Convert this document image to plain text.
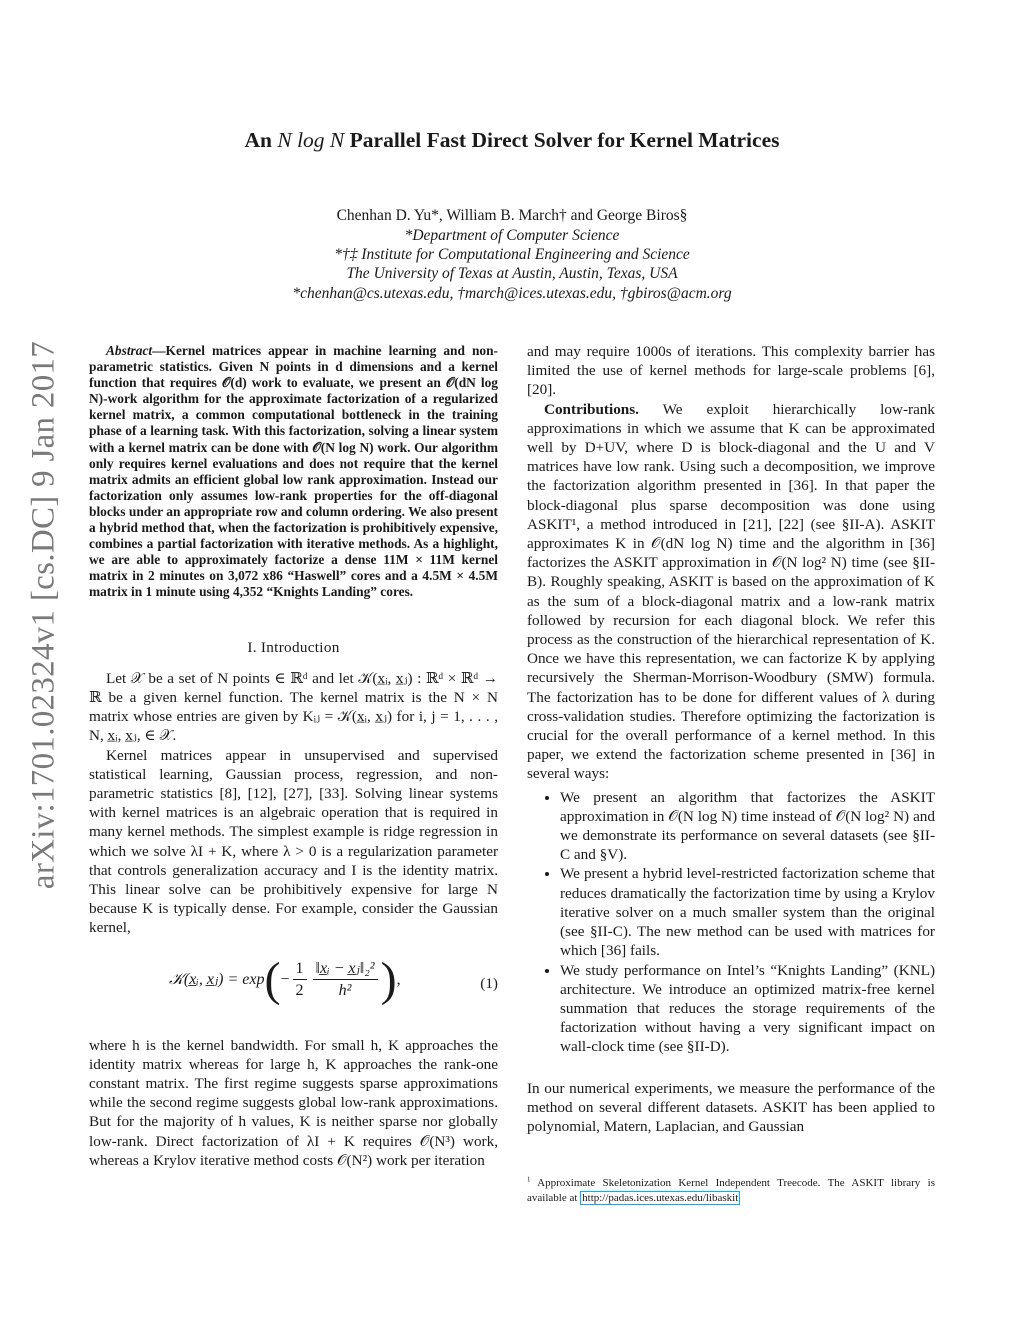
arXiv:1701.02324v1 [cs.DC] 9 Jan 2017
An N log N Parallel Fast Direct Solver for Kernel Matrices
Chenhan D. Yu*, William B. March† and George Biros§
*Department of Computer Science
*†‡ Institute for Computational Engineering and Science
The University of Texas at Austin, Austin, Texas, USA
*chenhan@cs.utexas.edu, †march@ices.utexas.edu, †gbiros@acm.org

Abstract—Kernel matrices appear in machine learning and non-parametric statistics. Given N points in d dimensions and a kernel function that requires 𝒪(d) work to evaluate, we present an 𝒪(dN log N)-work algorithm for the approximate factorization of a regularized kernel matrix, a common computational bottleneck in the training phase of a learning task. With this factorization, solving a linear system with a kernel matrix can be done with 𝒪(N log N) work. Our algorithm only requires kernel evaluations and does not require that the kernel matrix admits an efficient global low rank approximation. Instead our factorization only assumes low-rank properties for the off-diagonal blocks under an appropriate row and column ordering. We also present a hybrid method that, when the factorization is prohibitively expensive, combines a partial factorization with iterative methods. As a highlight, we are able to approximately factorize a dense 11M × 11M kernel matrix in 2 minutes on 3,072 x86 “Haswell” cores and a 4.5M × 4.5M matrix in 1 minute using 4,352 “Knights Landing” cores.

I. Introduction

Let 𝒳 be a set of N points ∈ ℝᵈ and let 𝒦(x̲ᵢ, x̲ⱼ) : ℝᵈ × ℝᵈ → ℝ be a given kernel function. The kernel matrix is the N × N matrix whose entries are given by Kᵢⱼ = 𝒦(x̲ᵢ, x̲ⱼ) for i, j = 1, . . . , N, x̲ᵢ, x̲ⱼ, ∈ 𝒳.

Kernel matrices appear in unsupervised and supervised statistical learning, Gaussian process, regression, and non-parametric statistics [8], [12], [27], [33]. Solving linear systems with kernel matrices is an algebraic operation that is required in many kernel methods. The simplest example is ridge regression in which we solve λI + K, where λ > 0 is a regularization parameter that controls generalization accuracy and I is the identity matrix. This linear solve can be prohibitively expensive for large N because K is typically dense. For example, consider the Gaussian kernel,

𝒦(x̲ᵢ, x̲ⱼ) = exp ( − $\frac{1}{2} \frac{\text{‖x̲ᵢ − x̲ⱼ‖₂²}}{\text{h²}}$ ) ,	(1)

where h is the kernel bandwidth. For small h, K approaches the identity matrix whereas for large h, K approaches the rank-one constant matrix. The first regime suggests sparse approximations while the second regime suggests global low-rank approximations. But for the majority of h values, K is neither sparse nor globally low-rank. Direct factorization of λI + K requires 𝒪(N³) work, whereas a Krylov iterative method costs 𝒪(N²) work per iteration

and may require 1000s of iterations. This complexity barrier has limited the use of kernel methods for large-scale problems [6], [20].

Contributions. We exploit hierarchically low-rank approximations in which we assume that K can be approximated well by D+UV, where D is block-diagonal and the U and V matrices have low rank. Using such a decomposition, we improve the factorization algorithm presented in [36]. In that paper the block-diagonal plus sparse decomposition was done using ASKIT¹, a method introduced in [21], [22] (see §II-A). ASKIT approximates K in 𝒪(dN log N) time and the algorithm in [36] factorizes the ASKIT approximation in 𝒪(N log² N) time (see §II-B). Roughly speaking, ASKIT is based on the approximation of K as the sum of a block-diagonal matrix and a low-rank matrix followed by recursion for each diagonal block. We refer this process as the construction of the hierarchical representation of K. Once we have this representation, we can factorize K by applying recursively the Sherman-Morrison-Woodbury (SMW) formula. The factorization has to be done for different values of λ during cross-validation studies. Therefore optimizing the factorization is crucial for the overall performance of a kernel method. In this paper, we extend the factorization scheme presented in [36] in several ways:

• We present an algorithm that factorizes the ASKIT approximation in 𝒪(N log N) time instead of 𝒪(N log² N) and we demonstrate its performance on several datasets (see §II-C and §V).
• We present a hybrid level-restricted factorization scheme that reduces dramatically the factorization time by using a Krylov iterative solver on a much smaller system than the original (see §II-C). The new method can be used with matrices for which [36] fails.
• We study performance on Intel’s “Knights Landing” (KNL) architecture. We introduce an optimized matrix-free kernel summation that reduces the storage requirements of the factorization without having a very significant impact on wall-clock time (see §II-D).

In our numerical experiments, we measure the performance of the method on several different datasets. ASKIT has been applied to polynomial, Matern, Laplacian, and Gaussian

$^1$ Approximate Skeletonization Kernel Independent Treecode. The ASKIT library is available at http://padas.ices.utexas.edu/libaskit
